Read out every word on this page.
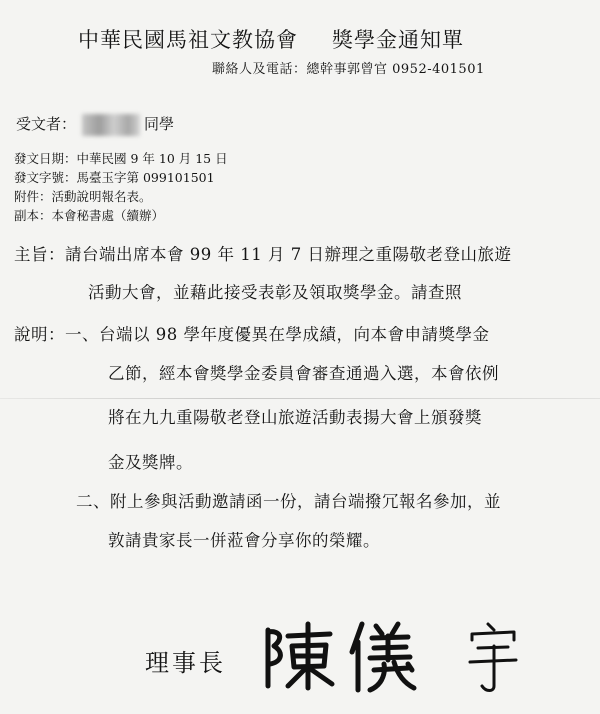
中華民國馬祖文教協會 獎學金通知單
聯絡人及電話：總幹事郭曾官 0952-401501
受文者：	同學
發文日期：中華民國 9 年 10 月 15 日
發文字號：馬臺玉字第 099101501
附件：活動說明報名表。
副本：本會秘書處（續辦）
主旨：請台端出席本會 99 年 11 月 7 日辦理之重陽敬老登山旅遊
活動大會，並藉此接受表彰及領取獎學金。請查照
說明：一、台端以 98 學年度優異在學成績，向本會申請獎學金
乙節，經本會獎學金委員會審查通過入選，本會依例
將在九九重陽敬老登山旅遊活動表揚大會上頒發獎
金及獎牌。
二、附上參與活動邀請函一份，請台端撥冗報名參加，並
敦請貴家長一併蒞會分享你的榮耀。
理事長
